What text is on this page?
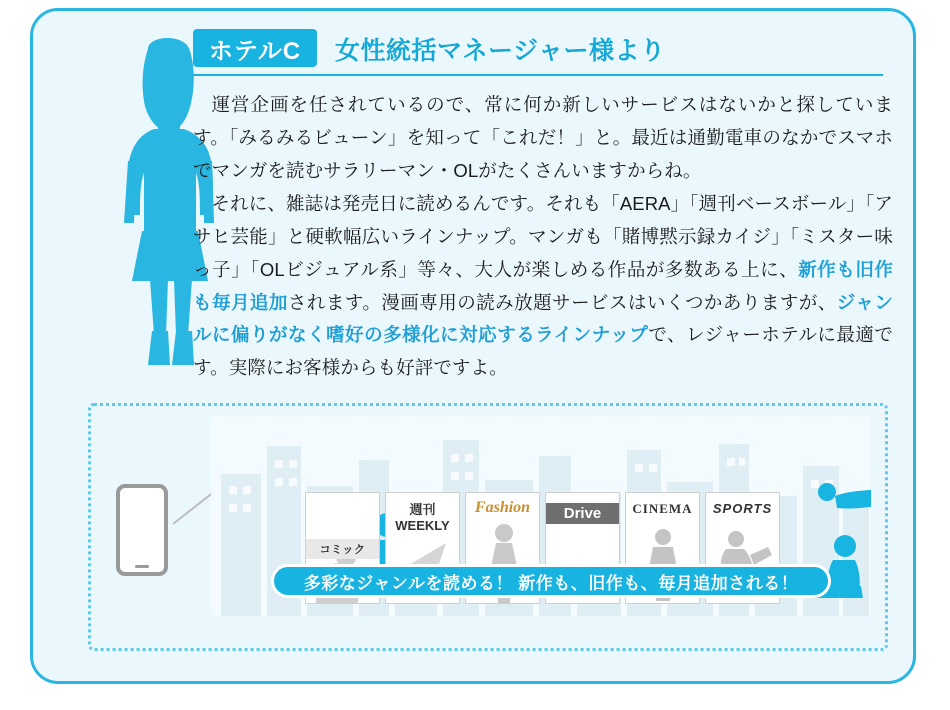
ホテルC	女性統括マネージャー様より

運営企画を任されているので、常に何か新しいサービスはないかと探しています。「みるみるビューン」を知って「これだ！」と。最近は通勤電車のなかでスマホでマンガを読むサラリーマン・OLがたくさんいますからね。

それに、雑誌は発売日に読めるんです。それも「AERA」「週刊ベースボール」「アサヒ芸能」と硬軟幅広いラインナップ。マンガも「賭博黙示録カイジ」「ミスター味っ子」「OLビジュアル系」等々、大人が楽しめる作品が多数ある上に、新作も旧作も毎月追加されます。漫画専用の読み放題サービスはいくつかありますが、ジャンルに偏りがなく嗜好の多様化に対応するラインナップで、レジャーホテルに最適です。実際にお客様からも好評ですよ。

コミック
週刊WEEKLY
Fashion	Drive	CINEMA	SPORTS
多彩なジャンルを読める！ 新作も、旧作も、毎月追加される！
